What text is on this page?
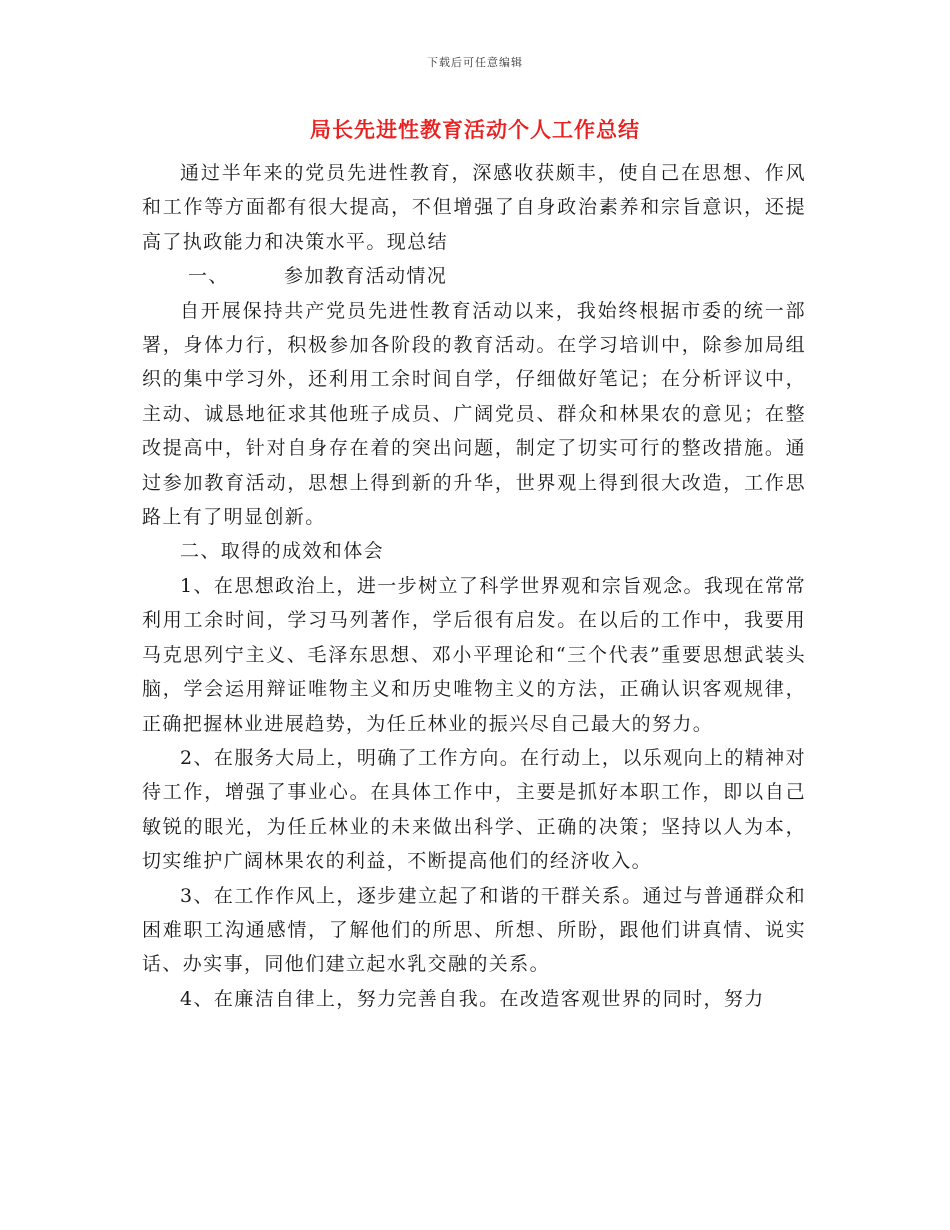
下载后可任意编辑
局长先进性教育活动个人工作总结

通过半年来的党员先进性教育，深感收获颇丰，使自己在思想、作风和工作等方面都有很大提高，不但增强了自身政治素养和宗旨意识，还提高了执政能力和决策水平。现总结

一、	参加教育活动情况

自开展保持共产党员先进性教育活动以来，我始终根据市委的统一部署，身体力行，积极参加各阶段的教育活动。在学习培训中，除参加局组织的集中学习外，还利用工余时间自学，仔细做好笔记；在分析评议中，主动、诚恳地征求其他班子成员、广阔党员、群众和林果农的意见；在整改提高中，针对自身存在着的突出问题，制定了切实可行的整改措施。通过参加教育活动，思想上得到新的升华，世界观上得到很大改造，工作思路上有了明显创新。

二、取得的成效和体会

1、在思想政治上，进一步树立了科学世界观和宗旨观念。我现在常常利用工余时间，学习马列著作，学后很有启发。在以后的工作中，我要用马克思列宁主义、毛泽东思想、邓小平理论和“三个代表”重要思想武装头脑，学会运用辩证唯物主义和历史唯物主义的方法，正确认识客观规律，正确把握林业进展趋势，为任丘林业的振兴尽自己最大的努力。

2、在服务大局上，明确了工作方向。在行动上，以乐观向上的精神对待工作，增强了事业心。在具体工作中，主要是抓好本职工作，即以自己敏锐的眼光，为任丘林业的未来做出科学、正确的决策；坚持以人为本，切实维护广阔林果农的利益，不断提高他们的经济收入。

3、在工作作风上，逐步建立起了和谐的干群关系。通过与普通群众和困难职工沟通感情，了解他们的所思、所想、所盼，跟他们讲真情、说实话、办实事，同他们建立起水乳交融的关系。

4、在廉洁自律上，努力完善自我。在改造客观世界的同时，努力
